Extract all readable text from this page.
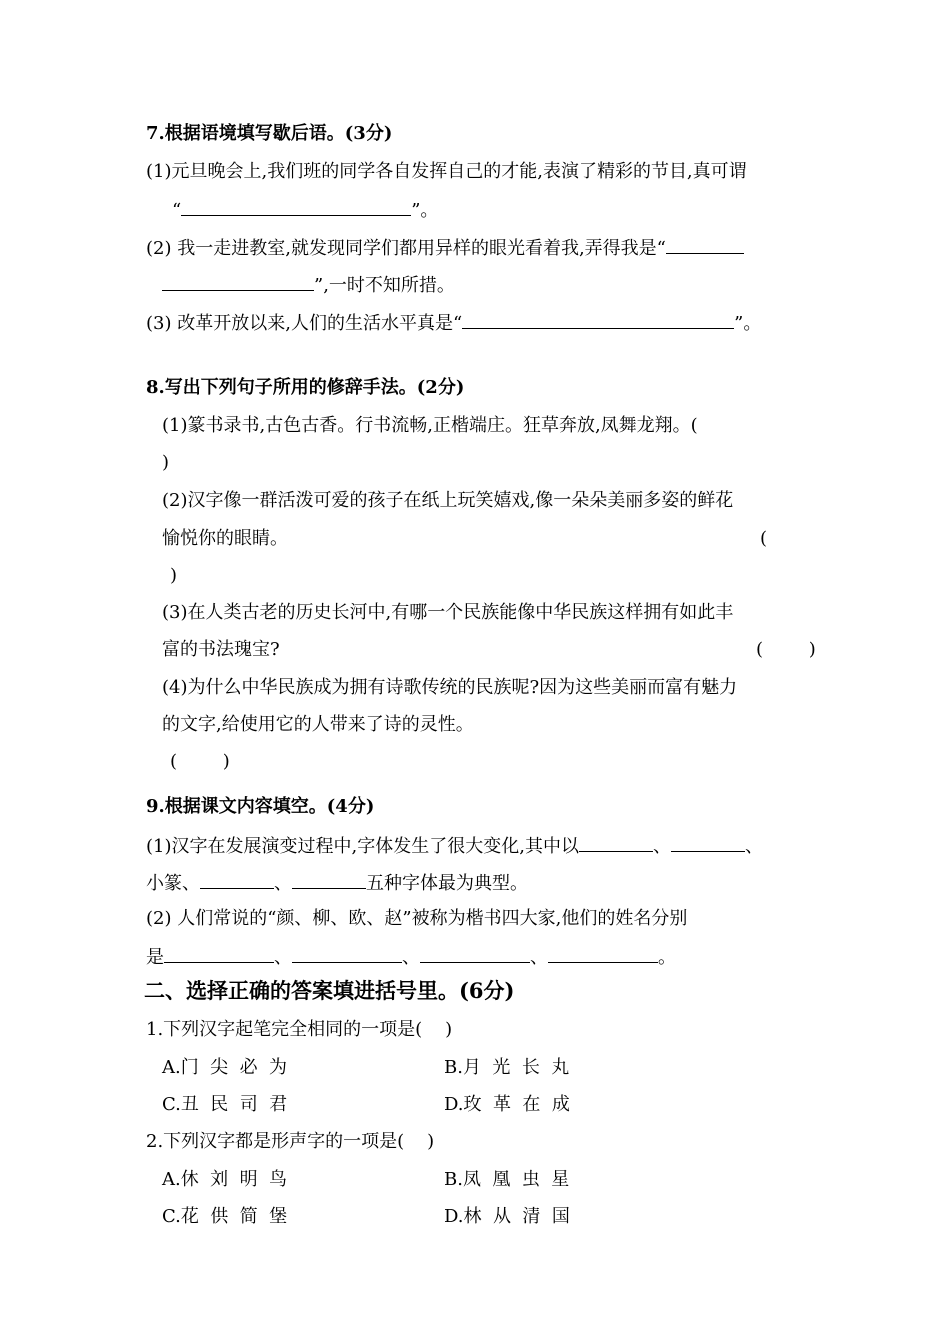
7.根据语境填写歇后语。(3分)
(1)元旦晚会上,我们班的同学各自发挥自己的才能,表演了精彩的节目,真可谓
“	”。
(2) 我一走进教室,就发现同学们都用异样的眼光看着我,弄得我是“
”,一时不知所措。
(3) 改革开放以来,人们的生活水平真是“	”。
8.写出下列句子所用的修辞手法。(2分)
(1)篆书录书,古色古香。行书流畅,正楷端庄。狂草奔放,凤舞龙翔。(
)
(2)汉字像一群活泼可爱的孩子在纸上玩笑嬉戏,像一朵朵美丽多姿的鲜花
愉悦你的眼睛。	(
)
(3)在人类古老的历史长河中,有哪一个民族能像中华民族这样拥有如此丰
富的书法瑰宝?	(        )
(4)为什么中华民族成为拥有诗歌传统的民族呢?因为这些美丽而富有魅力
的文字,给使用它的人带来了诗的灵性。
(        )
9.根据课文内容填空。(4分)
(1)汉字在发展演变过程中,字体发生了很大变化,其中以	、	、
小篆、	、	五种字体最为典型。
(2) 人们常说的“颜、柳、欧、赵”被称为楷书四大家,他们的姓名分别
是	、	、	、	。
二、选择正确的答案填进括号里。(6分)
1.下列汉字起笔完全相同的一项是(    )
A.门  尖  必  为	B.月  光  长  丸
C.丑  民  司  君	D.玫  革  在  成
2.下列汉字都是形声字的一项是(    )
A.休  刘  明  鸟	B.凤  凰  虫  星
C.花  供  简  堡	D.林  从  清  国
